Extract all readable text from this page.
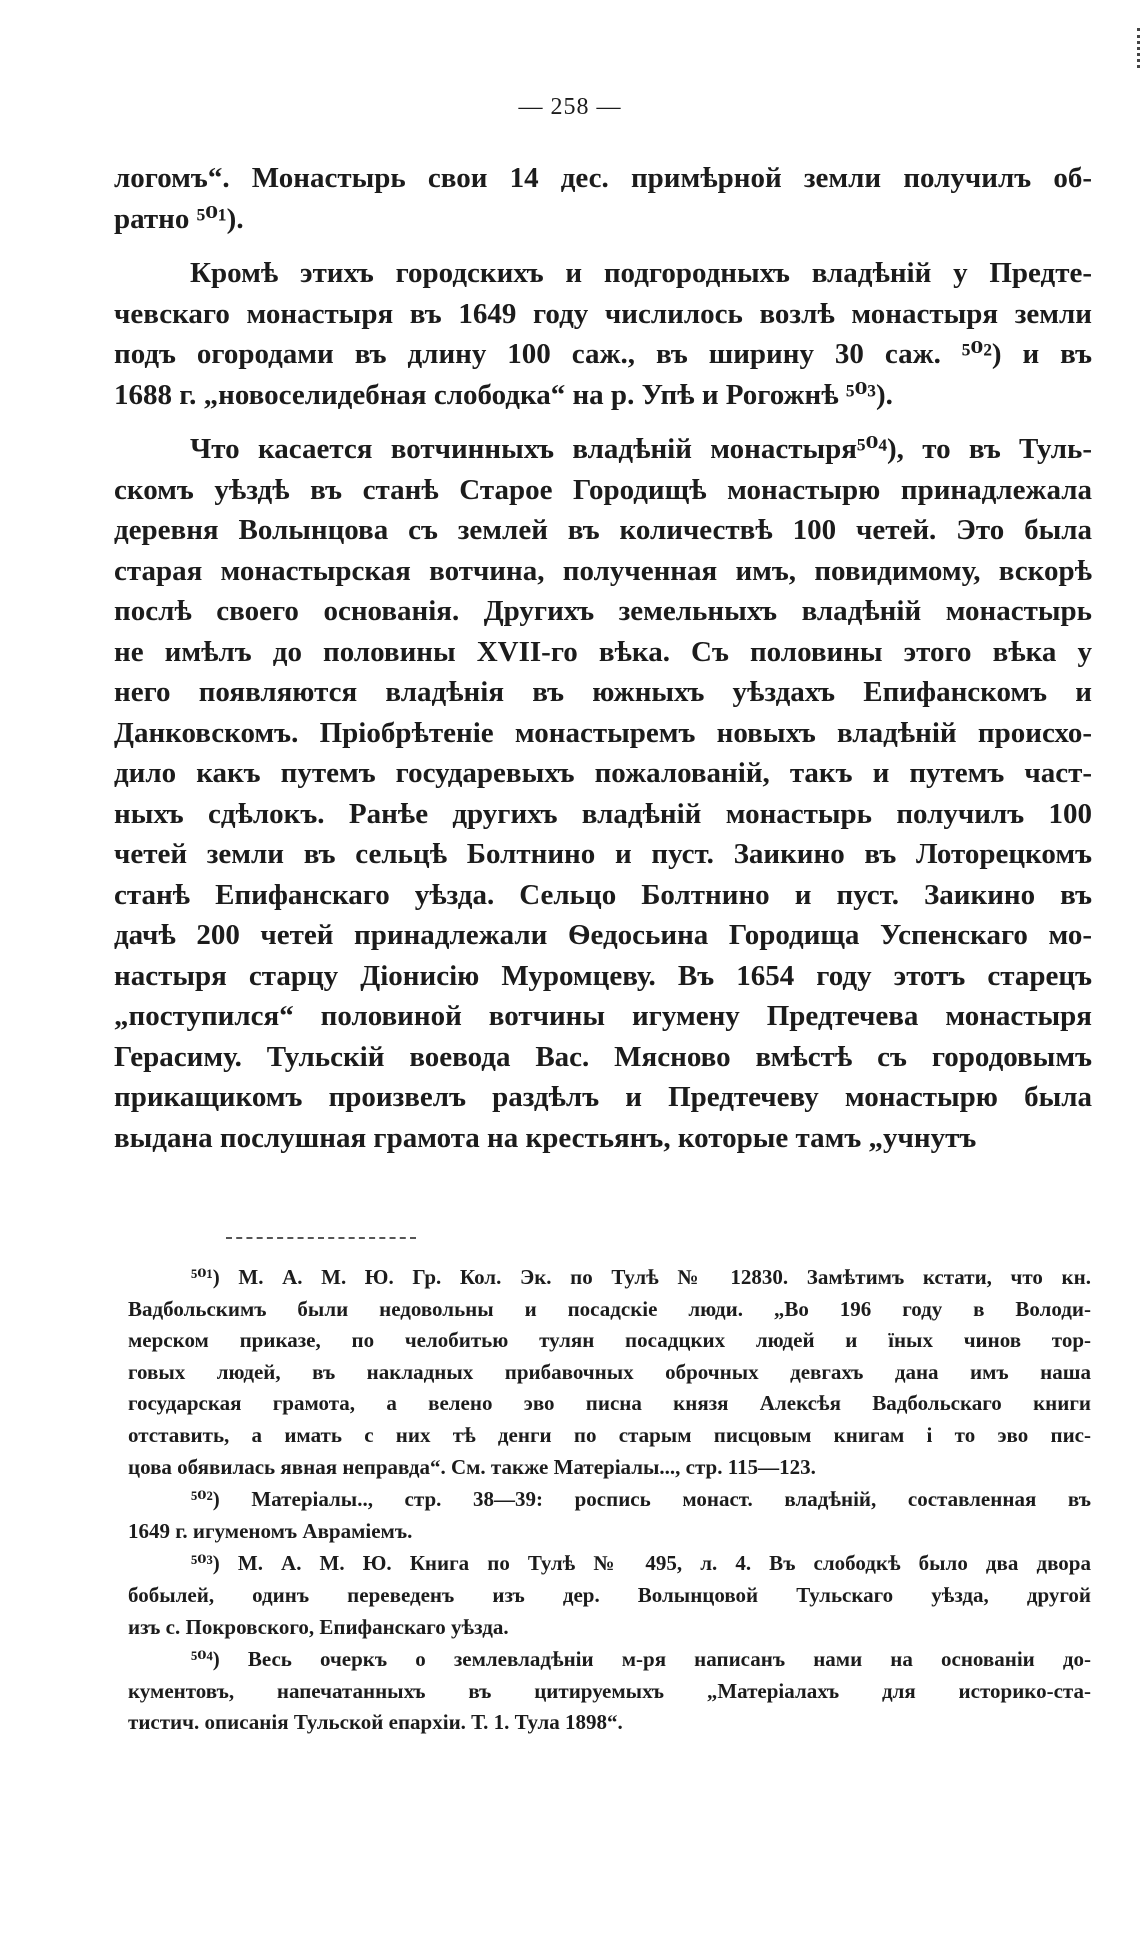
— 258 —
логомъ“. Монастырь свои 14 дес. примѣрной земли получилъ об-
ратно ⁵⁰¹).
Кромѣ этихъ городскихъ и подгородныхъ владѣній у Предте-
чевскаго монастыря въ 1649 году числилось возлѣ монастыря земли
подъ огородами въ длину 100 саж., въ ширину 30 саж. ⁵⁰²) и въ
1688 г. „новоселидебная слободка“ на р. Упѣ и Рогожнѣ ⁵⁰³).
Что касается вотчинныхъ владѣній монастыря⁵⁰⁴), то въ Туль-
скомъ уѣздѣ въ станѣ Старое Городищѣ монастырю принадлежала
деревня Волынцова съ землей въ количествѣ 100 четей. Это была
старая монастырская вотчина, полученная имъ, повидимому, вскорѣ
послѣ своего основанія. Другихъ земельныхъ владѣній монастырь
не имѣлъ до половины XVII-го вѣка. Съ половины этого вѣка у
него появляются владѣнія въ южныхъ уѣздахъ Епифанскомъ и
Данковскомъ. Пріобрѣтеніе монастыремъ новыхъ владѣній происхо-
дило какъ путемъ государевыхъ пожалованій, такъ и путемъ част-
ныхъ сдѣлокъ. Ранѣе другихъ владѣній монастырь получилъ 100
четей земли въ сельцѣ Болтнино и пуст. Заикино въ Лоторецкомъ
станѣ Епифанскаго уѣзда. Сельцо Болтнино и пуст. Заикино въ
дачѣ 200 четей принадлежали Ѳедосьина Городища Успенскаго мо-
настыря старцу Діонисію Муромцеву. Въ 1654 году этотъ старецъ
„поступился“ половиной вотчины игумену Предтечева монастыря
Герасиму. Тульскій воевода Вас. Мясново вмѣстѣ съ городовымъ
прикащикомъ произвелъ раздѣлъ и Предтечеву монастырю была
выдана послушная грамота на крестьянъ, которые тамъ „учнутъ
⁵⁰¹) М. А. М. Ю. Гр. Кол. Эк. по Тулѣ № 12830. Замѣтимъ кстати, что кн.
Вадбольскимъ были недовольны и посадскіе люди. „Во 196 году в Володи-
мерском приказе, по челобитью тулян посадцких людей и їных чинов тор-
говых людей, въ накладных прибавочных оброчных девгахъ дана имъ наша
государская грамота, а велено эво писна князя Алексѣя Вадбольскаго книги
отставить, а имать с них тѣ денги по старым писцовым книгам і то эво пис-
цова обявилась явная неправда“. См. также Матеріалы..., стр. 115—123.
⁵⁰²) Матеріалы.., стр. 38—39: роспись монаст. владѣній, составленная въ
1649 г. игуменомъ Авраміемъ.
⁵⁰³) М. А. М. Ю. Книга по Тулѣ № 495, л. 4. Въ слободкѣ было два двора
бобылей, одинъ переведенъ изъ дер. Волынцовой Тульскаго уѣзда, другой
изъ с. Покровского, Епифанскаго уѣзда.
⁵⁰⁴) Весь очеркъ о землевладѣніи м-ря написанъ нами на основаніи до-
кументовъ, напечатанныхъ въ цитируемыхъ „Матеріалахъ для историко-ста-
тистич. описанія Тульской епархіи. Т. 1. Тула 1898“.
